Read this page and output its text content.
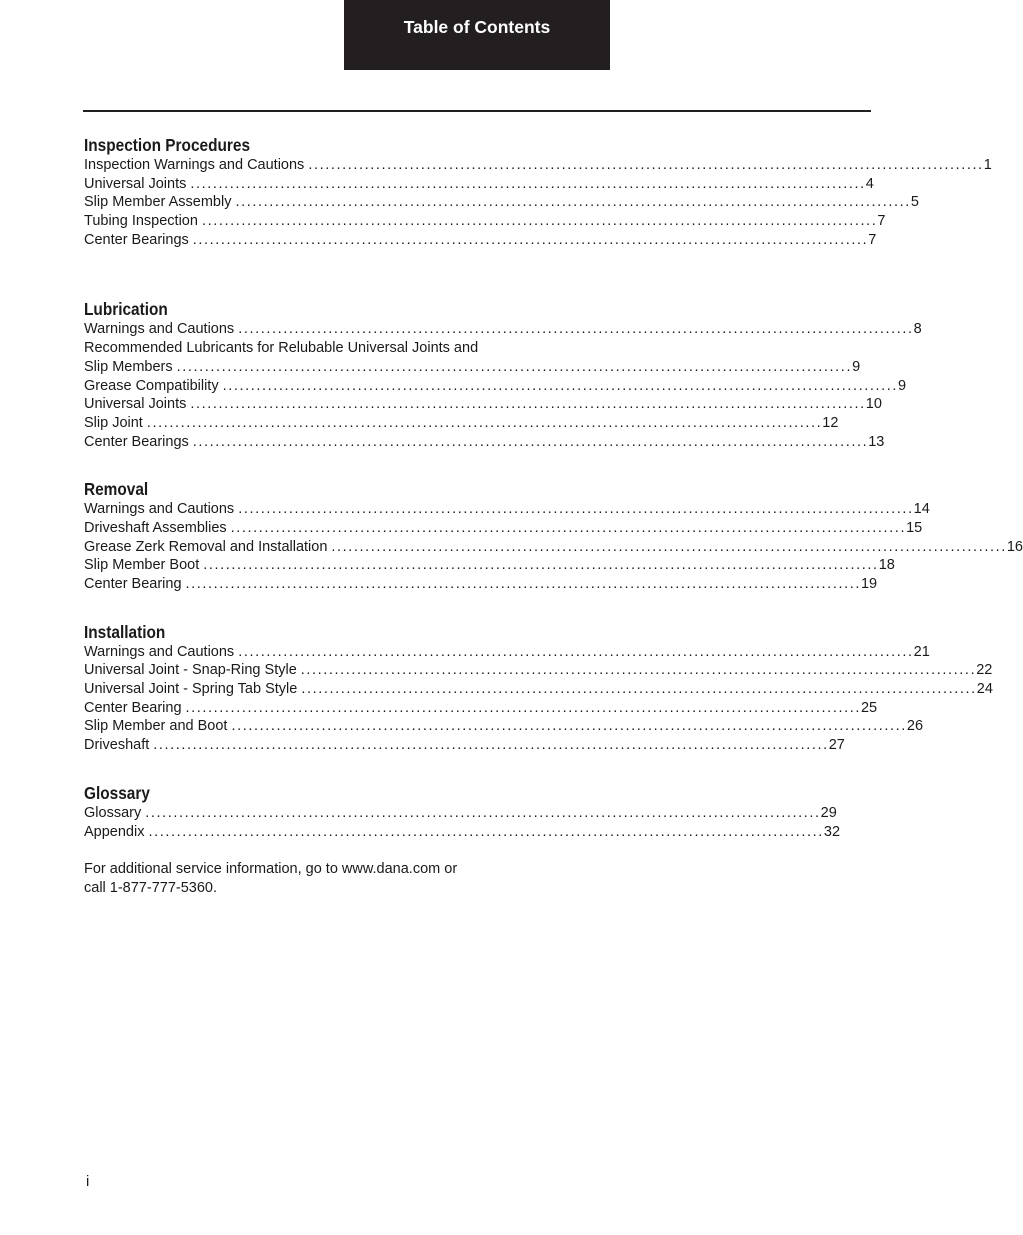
Table of Contents
Inspection Procedures
Inspection Warnings and Cautions ........................................................................................................................ 1
Universal Joints ........................................................................................................................ 4
Slip Member Assembly ........................................................................................................................ 5
Tubing Inspection ........................................................................................................................ 7
Center Bearings ........................................................................................................................ 7
Lubrication
Warnings and Cautions ........................................................................................................................ 8
Recommended Lubricants for Relubable Universal Joints and
Slip Members ........................................................................................................................ 9
Grease Compatibility ........................................................................................................................ 9
Universal Joints ........................................................................................................................ 10
Slip Joint ........................................................................................................................ 12
Center Bearings ........................................................................................................................ 13
Removal
Warnings and Cautions ........................................................................................................................ 14
Driveshaft Assemblies ........................................................................................................................ 15
Grease Zerk Removal and Installation ........................................................................................................................ 16
Slip Member Boot ........................................................................................................................ 18
Center Bearing ........................................................................................................................ 19
Installation
Warnings and Cautions ........................................................................................................................ 21
Universal Joint - Snap-Ring Style ........................................................................................................................ 22
Universal Joint - Spring Tab Style ........................................................................................................................ 24
Center Bearing ........................................................................................................................ 25
Slip Member and Boot ........................................................................................................................ 26
Driveshaft ........................................................................................................................ 27
Glossary
Glossary ........................................................................................................................ 29
Appendix ........................................................................................................................ 32
For additional service information, go to www.dana.com or call 1-877-777-5360.
i
